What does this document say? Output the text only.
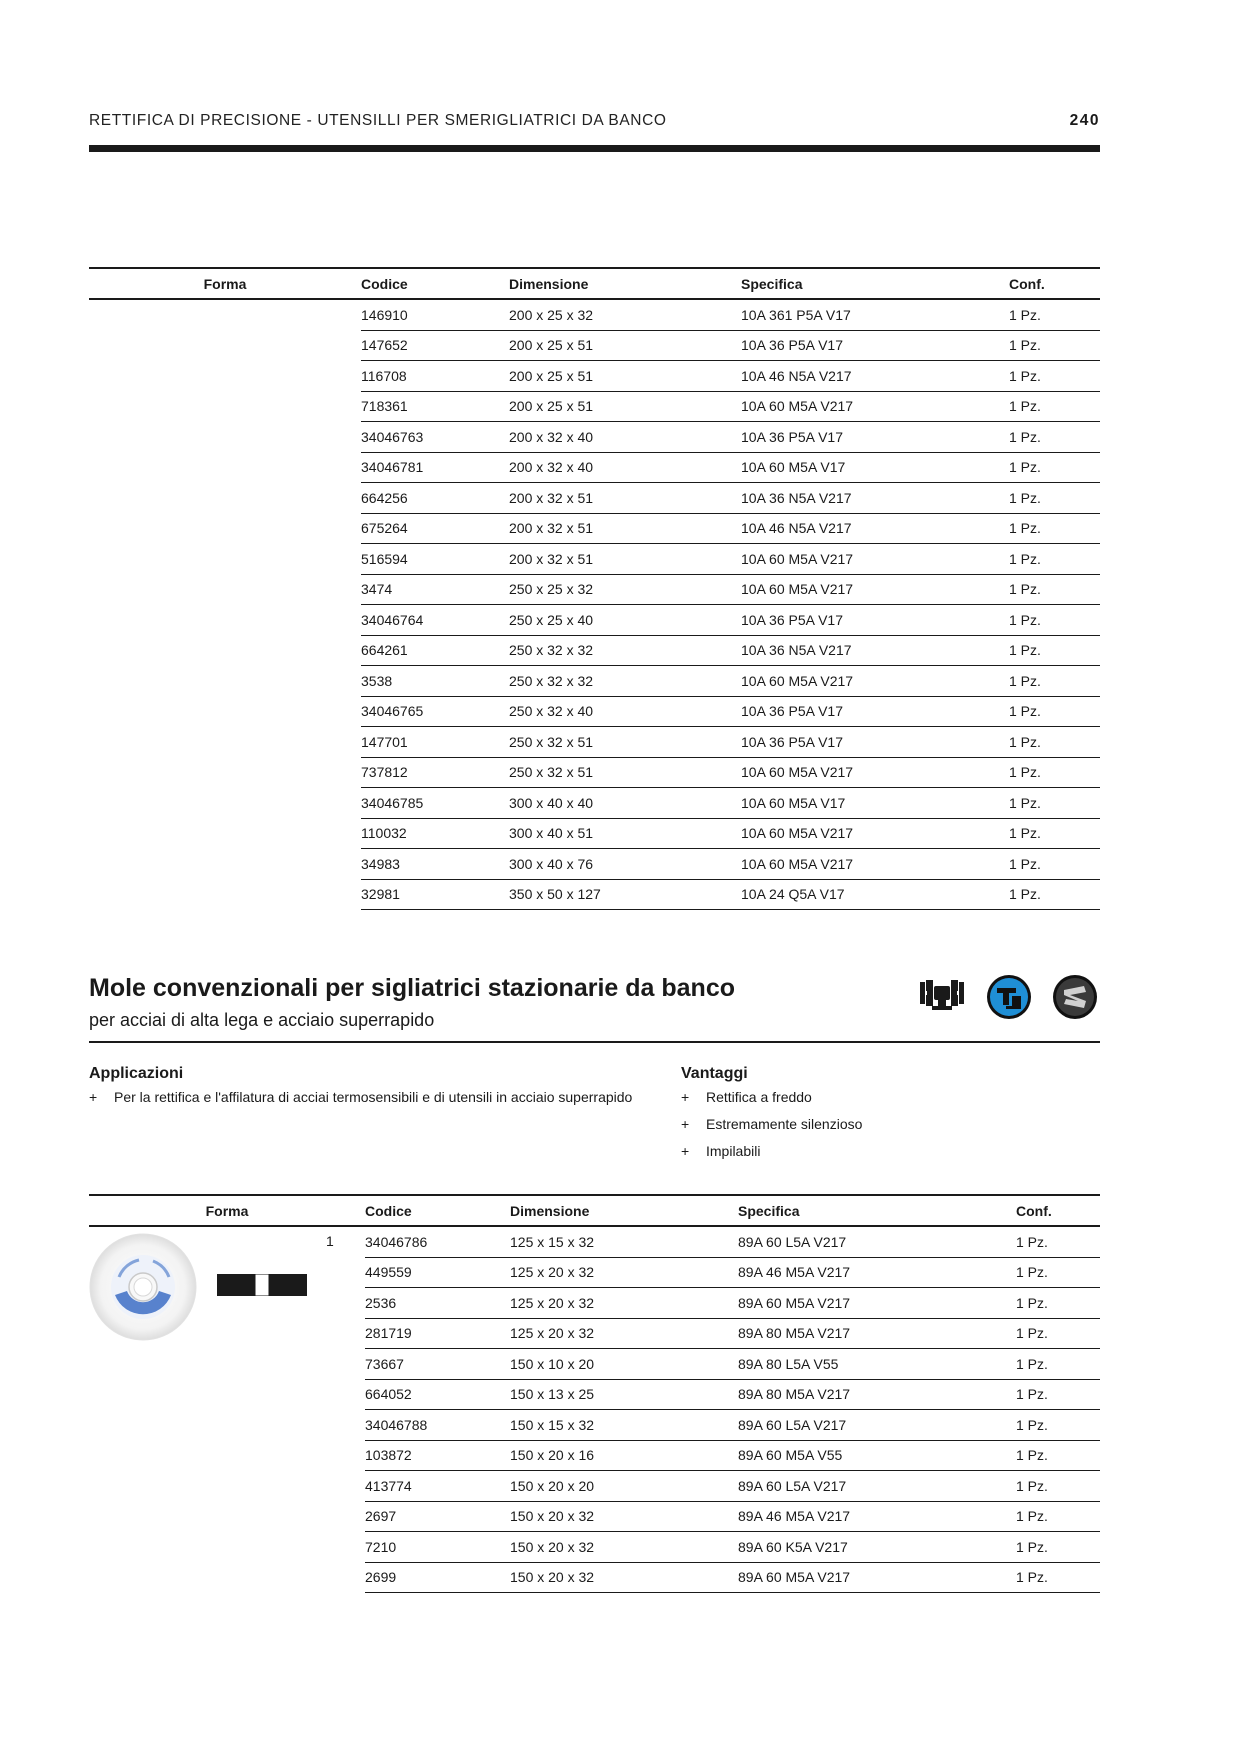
RETTIFICA DI PRECISIONE - UTENSILLI PER SMERIGLIATRICI DA BANCO	240
Forma	Codice	Dimensione	Specifica	Conf.
	146910	200 x 25 x 32	10A 361 P5A V17	1 Pz.
	147652	200 x 25 x 51	10A 36 P5A V17	1 Pz.
	116708	200 x 25 x 51	10A 46 N5A V217	1 Pz.
	718361	200 x 25 x 51	10A 60 M5A V217	1 Pz.
	34046763	200 x 32 x 40	10A 36 P5A V17	1 Pz.
	34046781	200 x 32 x 40	10A 60 M5A V17	1 Pz.
	664256	200 x 32 x 51	10A 36 N5A V217	1 Pz.
	675264	200 x 32 x 51	10A 46 N5A V217	1 Pz.
	516594	200 x 32 x 51	10A 60 M5A V217	1 Pz.
	3474	250 x 25 x 32	10A 60 M5A V217	1 Pz.
	34046764	250 x 25 x 40	10A 36 P5A V17	1 Pz.
	664261	250 x 32 x 32	10A 36 N5A V217	1 Pz.
	3538	250 x 32 x 32	10A 60 M5A V217	1 Pz.
	34046765	250 x 32 x 40	10A 36 P5A V17	1 Pz.
	147701	250 x 32 x 51	10A 36 P5A V17	1 Pz.
	737812	250 x 32 x 51	10A 60 M5A V217	1 Pz.
	34046785	300 x 40 x 40	10A 60 M5A V17	1 Pz.
	110032	300 x 40 x 51	10A 60 M5A V217	1 Pz.
	34983	300 x 40 x 76	10A 60 M5A V217	1 Pz.
	32981	350 x 50 x 127	10A 24 Q5A V17	1 Pz.
Mole convenzionali per sigliatrici stazionarie da banco
per acciai di alta lega e acciaio superrapido
Applicazioni
+	Per la rettifica e l'affilatura di acciai termosensibili e di utensili in acciaio superrapido
Vantaggi
+	Rettifica a freddo
+	Estremamente silenzioso
+	Impilabili
Forma	Codice	Dimensione	Specifica	Conf.

1	34046786	125 x 15 x 32	89A 60 L5A V217	1 Pz.
	449559	125 x 20 x 32	89A 46 M5A V217	1 Pz.
	2536	125 x 20 x 32	89A 60 M5A V217	1 Pz.
	281719	125 x 20 x 32	89A 80 M5A V217	1 Pz.
	73667	150 x 10 x 20	89A 80 L5A V55	1 Pz.
	664052	150 x 13 x 25	89A 80 M5A V217	1 Pz.
	34046788	150 x 15 x 32	89A 60 L5A V217	1 Pz.
	103872	150 x 20 x 16	89A 60 M5A V55	1 Pz.
	413774	150 x 20 x 20	89A 60 L5A V217	1 Pz.
	2697	150 x 20 x 32	89A 46 M5A V217	1 Pz.
	7210	150 x 20 x 32	89A 60 K5A V217	1 Pz.
	2699	150 x 20 x 32	89A 60 M5A V217	1 Pz.
